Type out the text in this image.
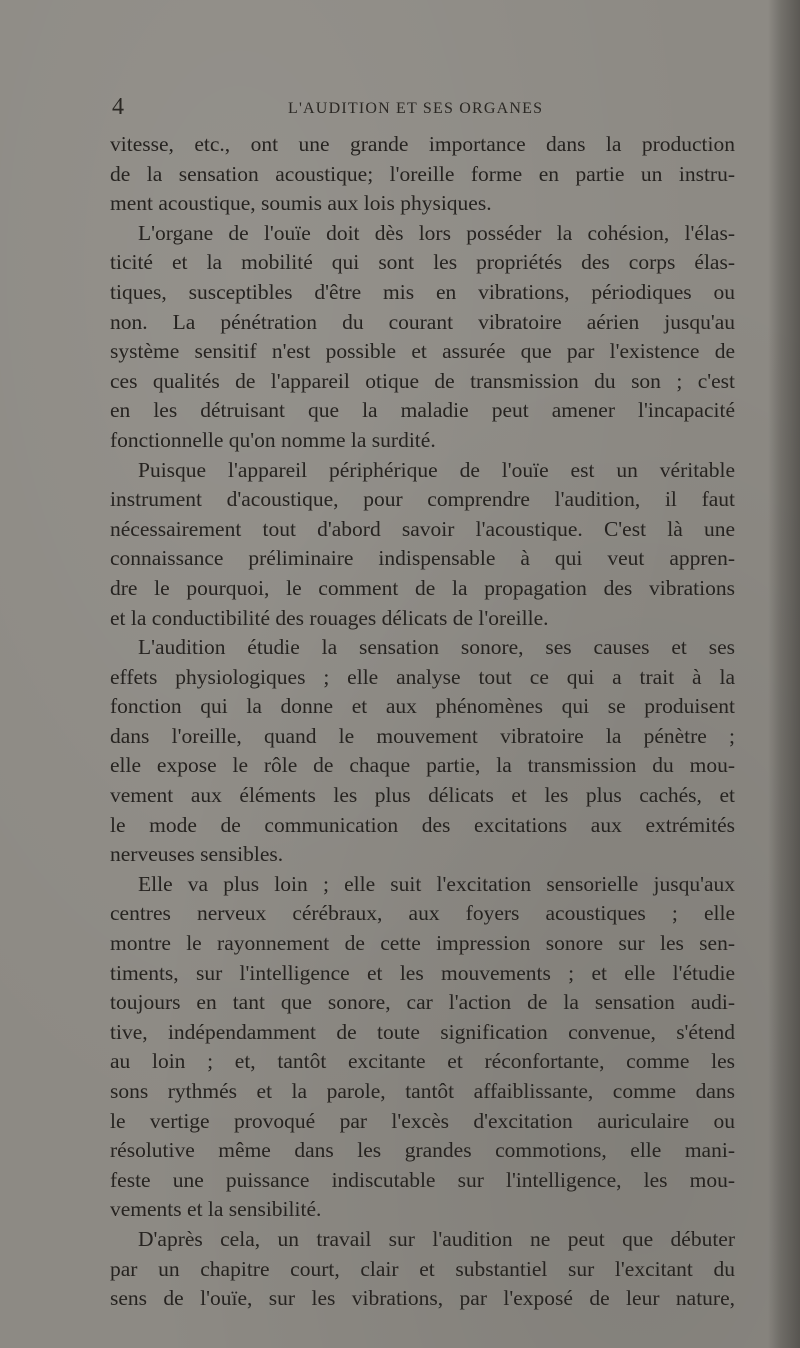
4	L'AUDITION ET SES ORGANES
vitesse, etc., ont une grande importance dans la production
de la sensation acoustique; l'oreille forme en partie un instru-
ment acoustique, soumis aux lois physiques.
L'organe de l'ouïe doit dès lors posséder la cohésion, l'élas-
ticité et la mobilité qui sont les propriétés des corps élas-
tiques, susceptibles d'être mis en vibrations, périodiques ou
non. La pénétration du courant vibratoire aérien jusqu'au
système sensitif n'est possible et assurée que par l'existence de
ces qualités de l'appareil otique de transmission du son ; c'est
en les détruisant que la maladie peut amener l'incapacité
fonctionnelle qu'on nomme la surdité.
Puisque l'appareil périphérique de l'ouïe est un véritable
instrument d'acoustique, pour comprendre l'audition, il faut
nécessairement tout d'abord savoir l'acoustique. C'est là une
connaissance préliminaire indispensable à qui veut appren-
dre le pourquoi, le comment de la propagation des vibrations
et la conductibilité des rouages délicats de l'oreille.
L'audition étudie la sensation sonore, ses causes et ses
effets physiologiques ; elle analyse tout ce qui a trait à la
fonction qui la donne et aux phénomènes qui se produisent
dans l'oreille, quand le mouvement vibratoire la pénètre ;
elle expose le rôle de chaque partie, la transmission du mou-
vement aux éléments les plus délicats et les plus cachés, et
le mode de communication des excitations aux extrémités
nerveuses sensibles.
Elle va plus loin ; elle suit l'excitation sensorielle jusqu'aux
centres nerveux cérébraux, aux foyers acoustiques ; elle
montre le rayonnement de cette impression sonore sur les sen-
timents, sur l'intelligence et les mouvements ; et elle l'étudie
toujours en tant que sonore, car l'action de la sensation audi-
tive, indépendamment de toute signification convenue, s'étend
au loin ; et, tantôt excitante et réconfortante, comme les
sons rythmés et la parole, tantôt affaiblissante, comme dans
le vertige provoqué par l'excès d'excitation auriculaire ou
résolutive même dans les grandes commotions, elle mani-
feste une puissance indiscutable sur l'intelligence, les mou-
vements et la sensibilité.
D'après cela, un travail sur l'audition ne peut que débuter
par un chapitre court, clair et substantiel sur l'excitant du
sens de l'ouïe, sur les vibrations, par l'exposé de leur nature,
